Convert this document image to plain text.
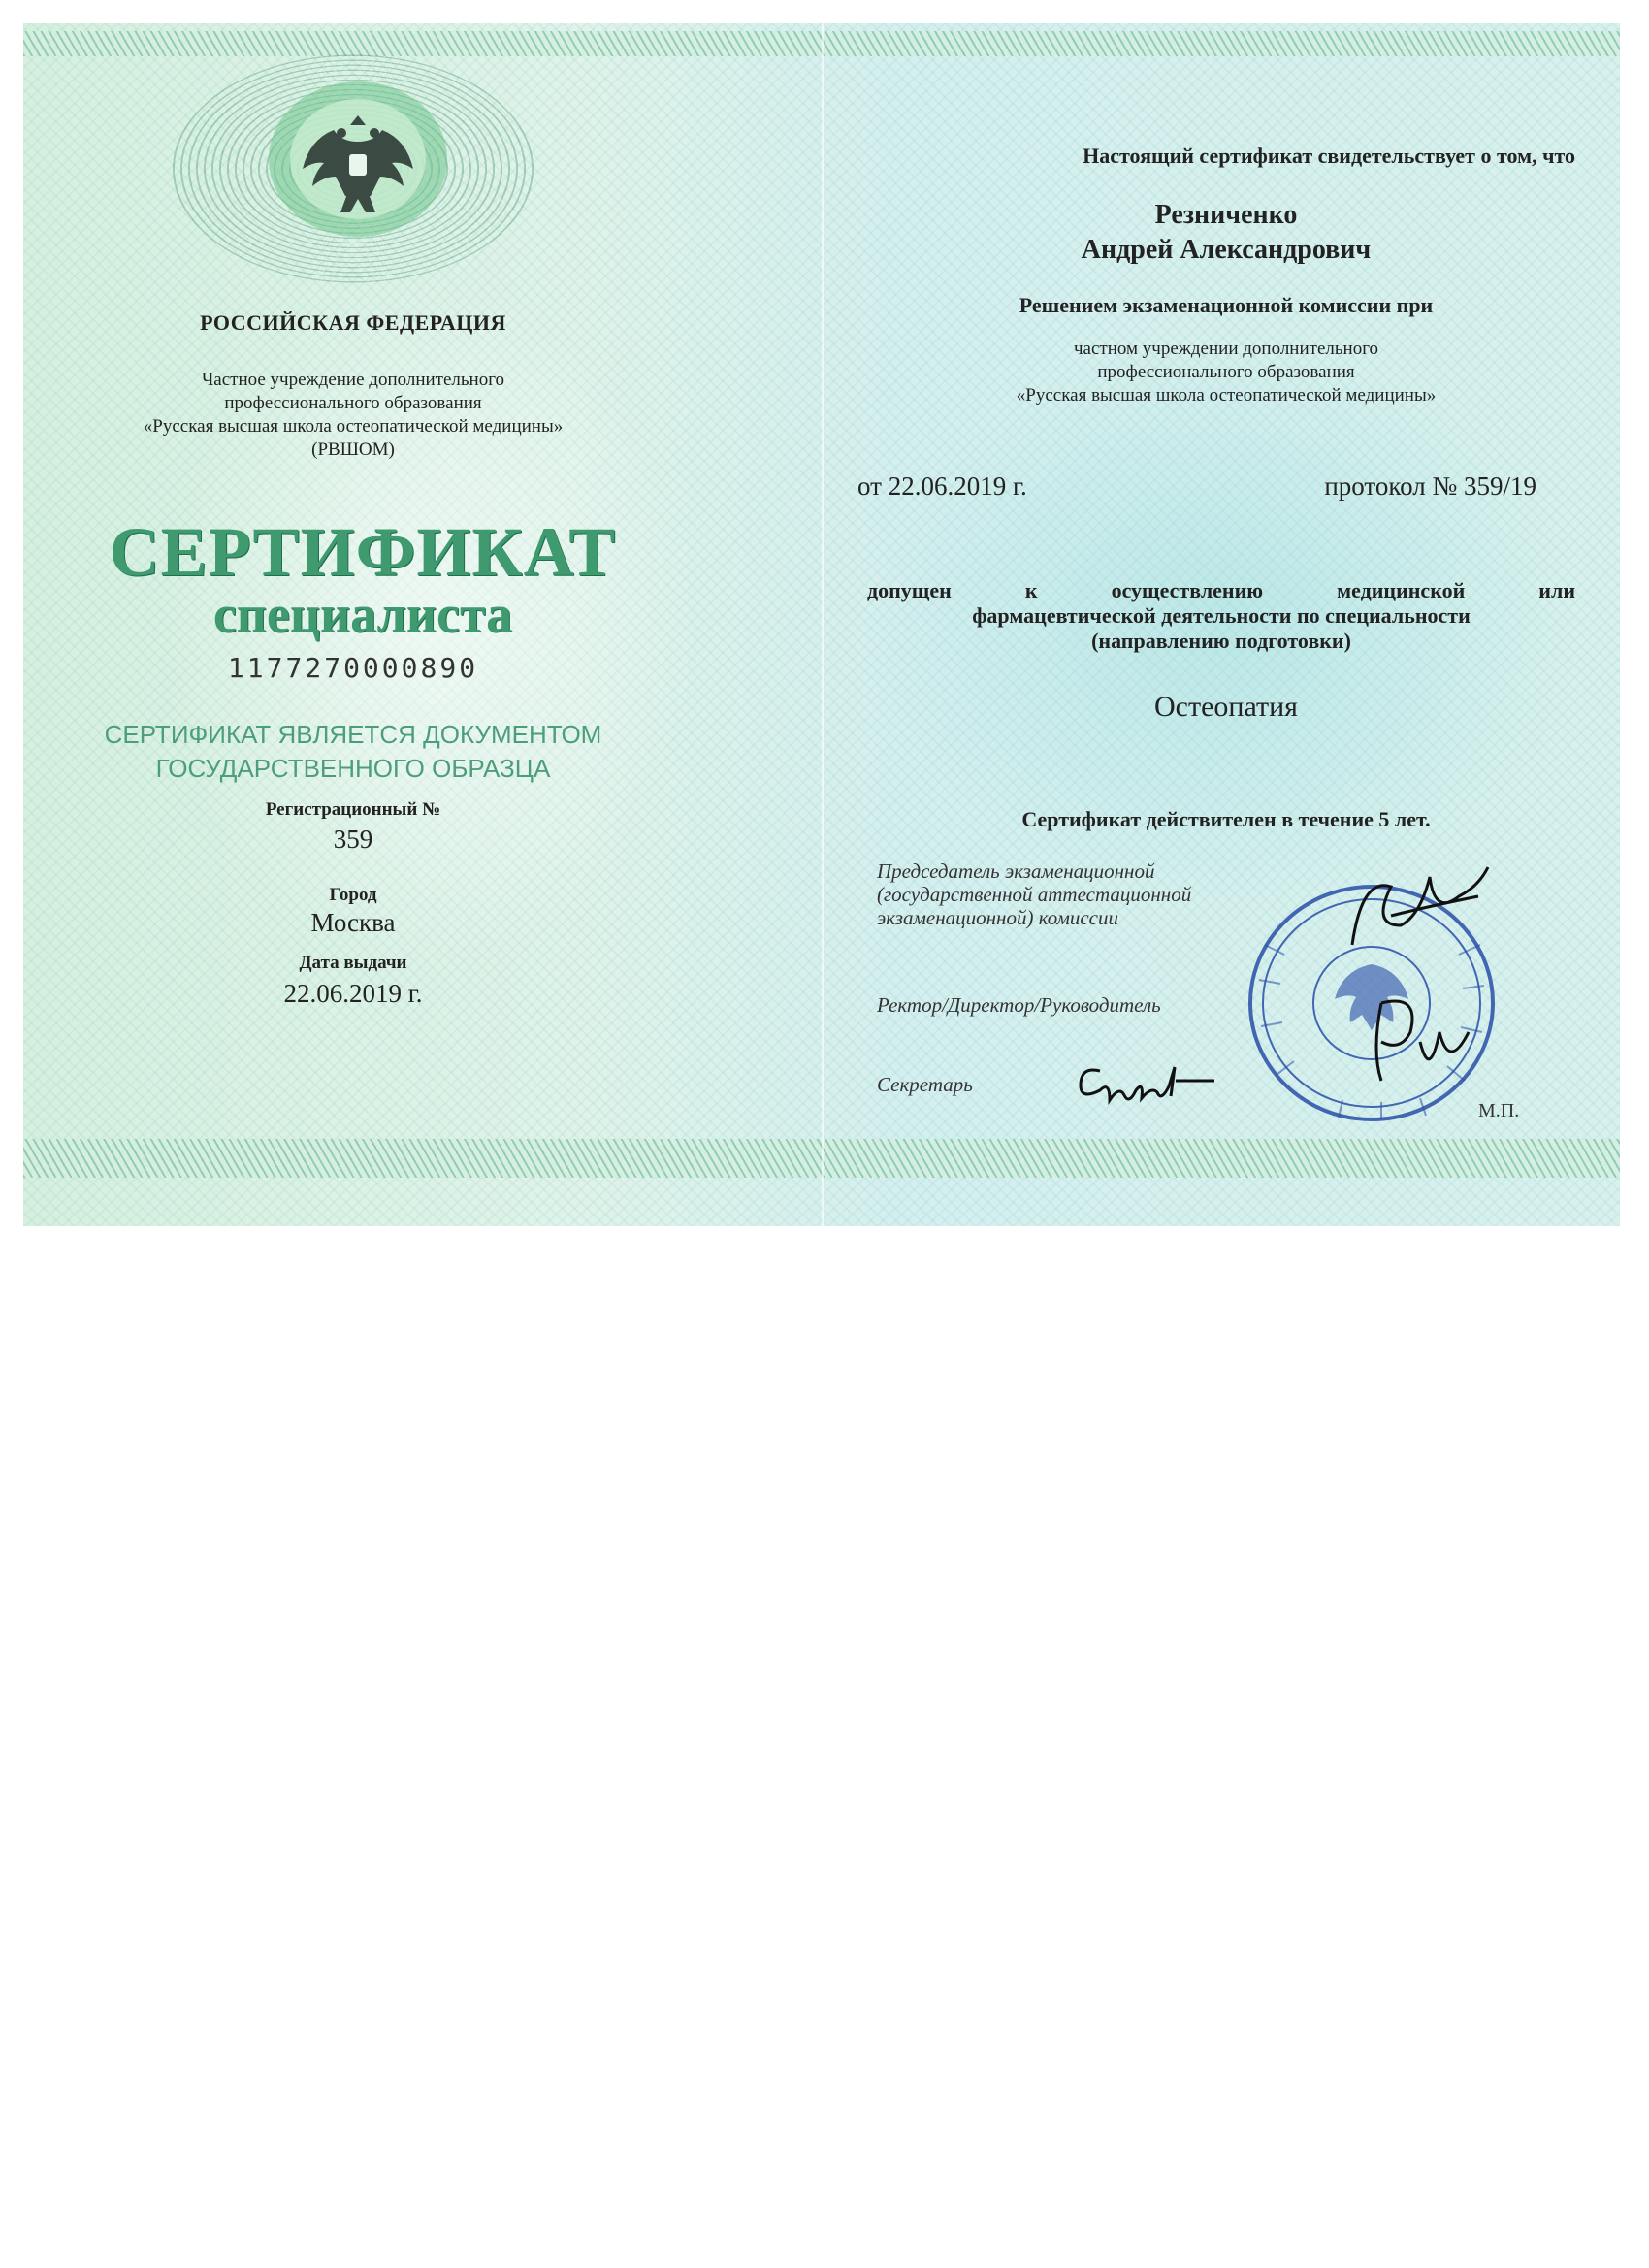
РОССИЙСКАЯ ФЕДЕРАЦИЯ
Частное учреждение дополнительного
профессионального образования
«Русская высшая школа остеопатической медицины»
(РВШОМ)
СЕРТИФИКАТ
специалиста
1177270000890
СЕРТИФИКАТ ЯВЛЯЕТСЯ ДОКУМЕНТОМ
ГОСУДАРСТВЕННОГО ОБРАЗЦА
Регистрационный №
359
Город
Москва
Дата выдачи
22.06.2019 г.
Настоящий сертификат свидетельствует о том, что
Резниченко
Андрей Александрович
Решением экзаменационной комиссии при
частном учреждении дополнительного
профессионального образования
«Русская высшая школа остеопатической медицины»
от 22.06.2019 г.	протокол № 359/19
допущен к осуществлению медицинской или
фармацевтической деятельности по специальности
(направлению подготовки)
Остеопатия
Сертификат действителен в течение 5 лет.
Председатель экзаменационной
(государственной аттестационной
экзаменационной) комиссии
Ректор/Директор/Руководитель
Секретарь
М.П.
